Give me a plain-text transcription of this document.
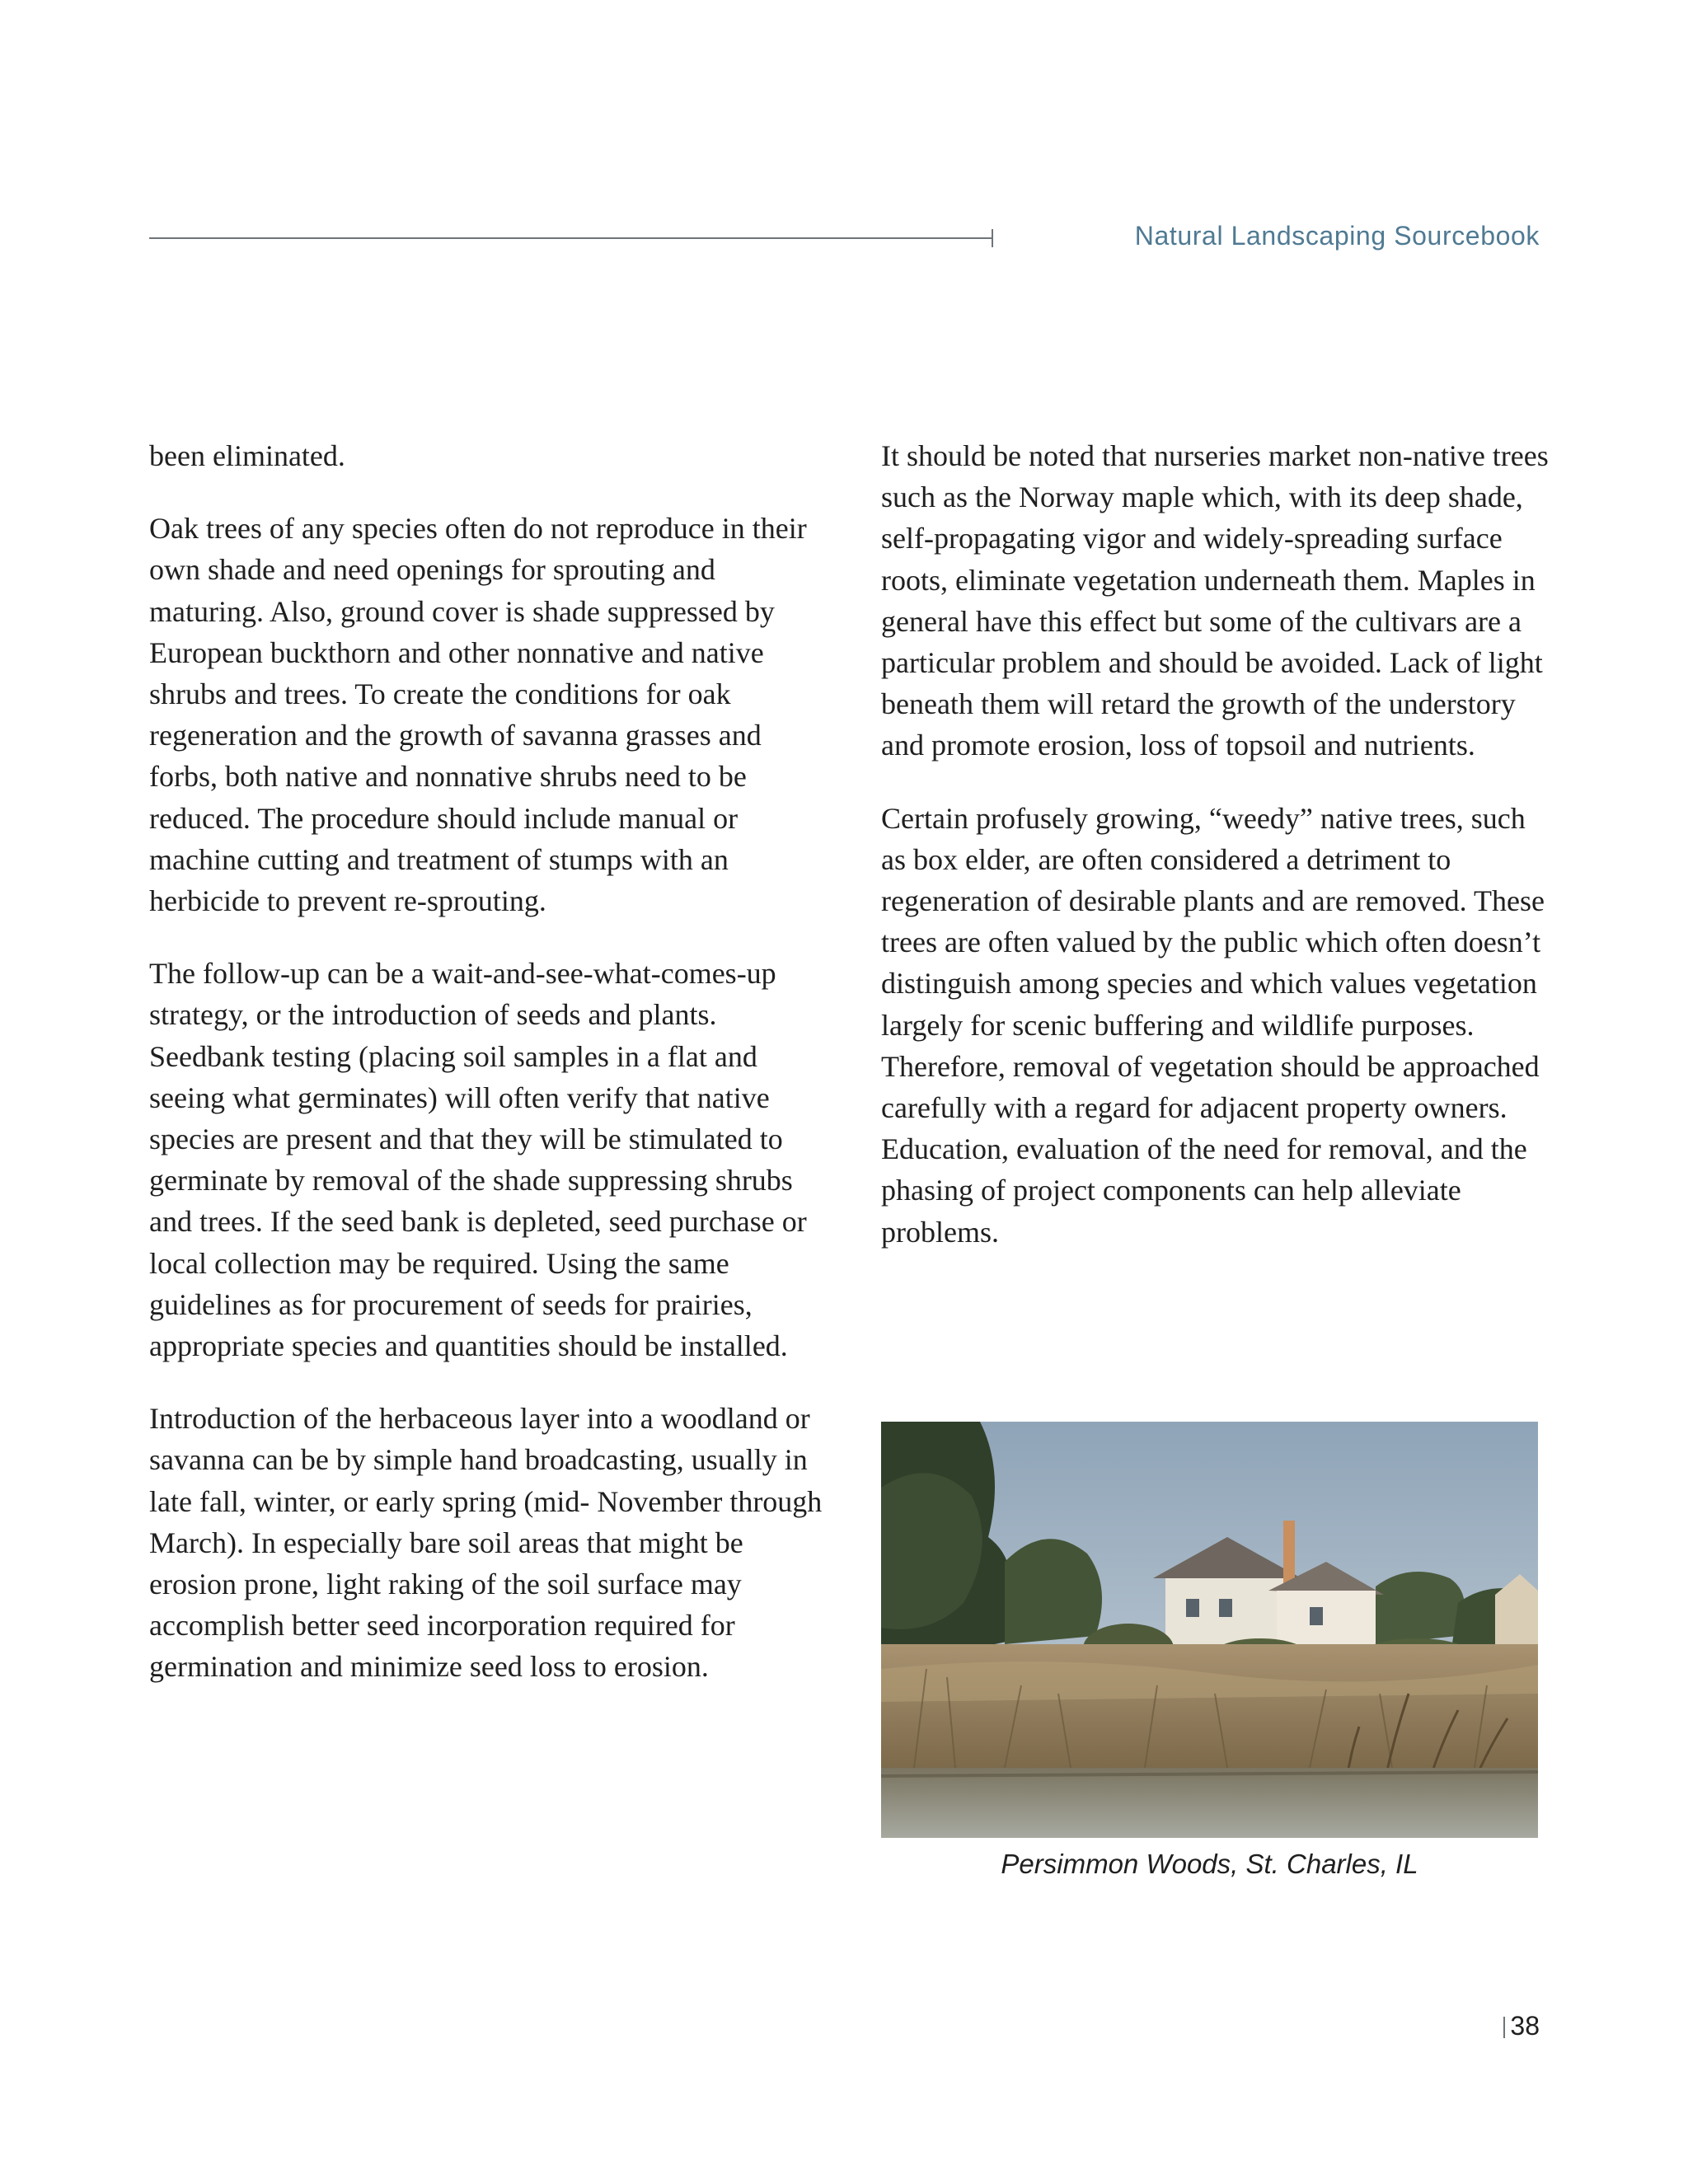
Natural Landscaping Sourcebook

been eliminated.

Oak trees of any species often do not reproduce in their own shade and need openings for sprouting and maturing. Also, ground cover is shade suppressed by European buckthorn and other nonnative and native shrubs and trees. To create the conditions for oak regeneration and the growth of savanna grasses and forbs, both native and nonnative shrubs need to be reduced. The procedure should include manual or machine cutting and treatment of stumps with an herbicide to prevent re-sprouting.

The follow-up can be a wait-and-see-what-comes-up strategy, or the introduction of seeds and plants. Seedbank testing (placing soil samples in a flat and seeing what germinates) will often verify that native species are present and that they will be stimulated to germinate by removal of the shade suppressing shrubs and trees. If the seed bank is depleted, seed purchase or local collection may be required. Using the same guidelines as for procurement of seeds for prairies, appropriate species and quantities should be installed.

Introduction of the herbaceous layer into a woodland or savanna can be by simple hand broadcasting, usually in late fall, winter, or early spring (mid- November through March). In especially bare soil areas that might be erosion prone, light raking of the soil surface may accomplish better seed incorporation required for germination and minimize seed loss to erosion.

It should be noted that nurseries market non-native trees such as the Norway maple which, with its deep shade, self-propagating vigor and widely-spreading surface roots, eliminate vegetation underneath them. Maples in general have this effect but some of the cultivars are a particular problem and should be avoided. Lack of light beneath them will retard the growth of the understory and promote erosion, loss of topsoil and nutrients.

Certain profusely growing, “weedy” native trees, such as box elder, are often considered a detriment to regeneration of desirable plants and are removed. These trees are often valued by the public which often doesn’t distinguish among species and which values vegetation largely for scenic buffering and wildlife purposes. Therefore, removal of vegetation should be approached carefully with a regard for adjacent property owners. Education, evaluation of the need for removal, and the phasing of project components can help alleviate problems.

Persimmon Woods, St. Charles, IL
38
